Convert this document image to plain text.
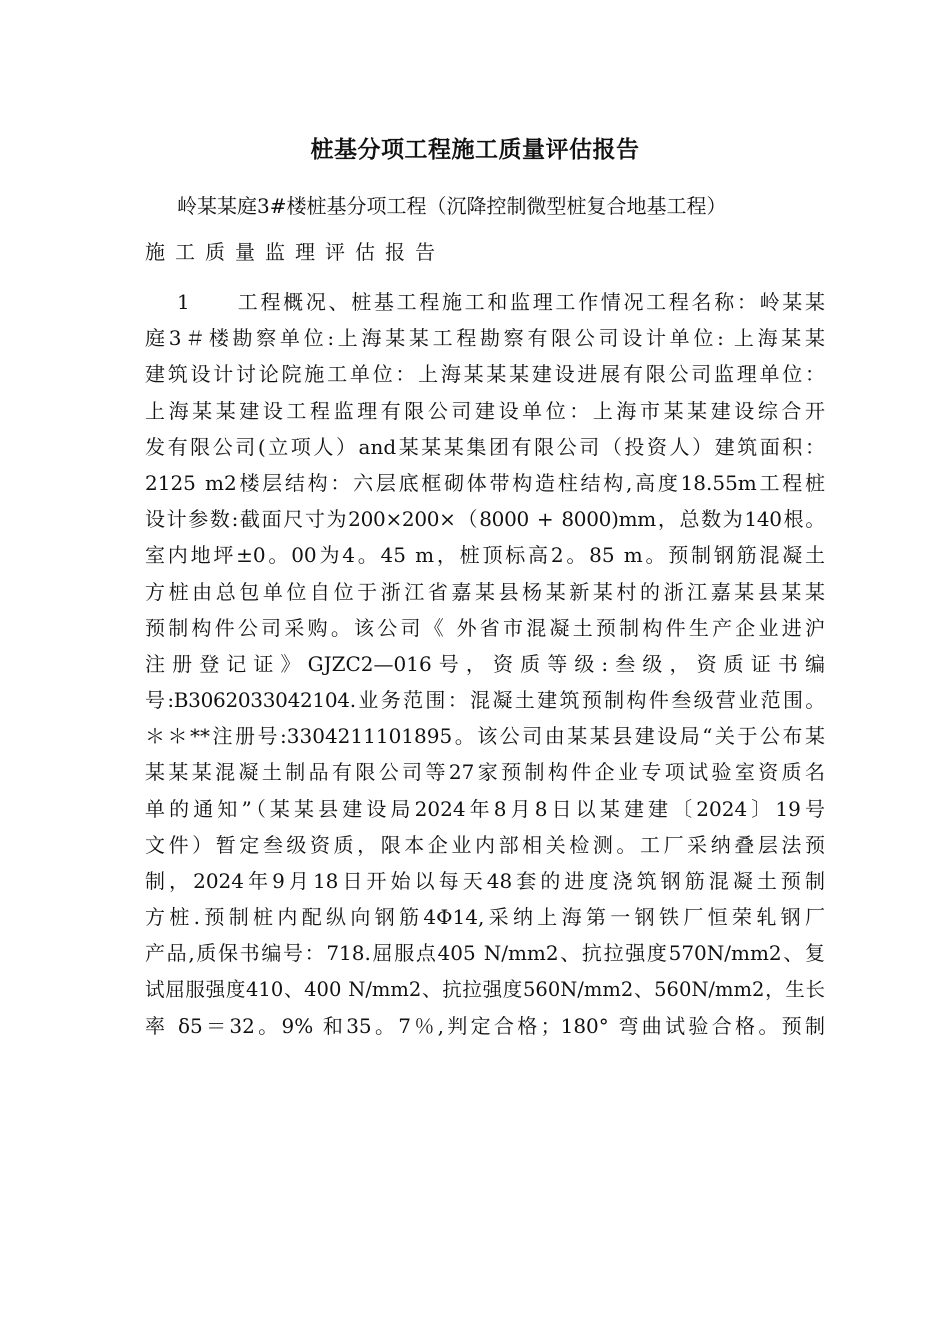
桩基分项工程施工质量评估报告
岭某某庭3#楼桩基分项工程（沉降控制微型桩复合地基工程）
施工质量监理评估报告
1　　工程概况、桩基工程施工和监理工作情况工程名称：岭某某
庭3＃楼勘察单位:上海某某工程勘察有限公司设计单位: 上海某某
建筑设计讨论院施工单位：上海某某某建设进展有限公司监理单位：
上海某某建设工程监理有限公司建设单位：上海市某某建设综合开
发有限公司(立项人）and某某某集团有限公司（投资人）建筑面积：
2125 m2楼层结构：六层底框砌体带构造柱结构,高度18.55m工程桩
设计参数:截面尺寸为200×200×（8000 + 8000)mm，总数为140根。
室内地坪±0。00为4。45 m，桩顶标高2。85 m。预制钢筋混凝土
方桩由总包单位自位于浙江省嘉某县杨某新某村的浙江嘉某县某某
预制构件公司采购。该公司《 外省市混凝土预制构件生产企业进沪
注册登记证》GJZC2—016号，资质等级:叁级，资质证书编
号:B3062033042104.业务范围：混凝土建筑预制构件叁级营业范围。
＊＊**注册号:3304211101895。该公司由某某县建设局“关于公布某
某某某混凝土制品有限公司等27家预制构件企业专项试验室资质名
单的通知”（某某县建设局2024年8月8日以某建建〔2024〕19号
文件）暂定叁级资质，限本企业内部相关检测。工厂采纳叠层法预
制，2024年9月18日开始以每天48套的进度浇筑钢筋混凝土预制
方桩.预制桩内配纵向钢筋4Φ14,采纳上海第一钢铁厂恒荣轧钢厂
产品,质保书编号：718.屈服点405 N/mm2、抗拉强度570N/mm2、复
试屈服强度410、400 N/mm2、抗拉强度560N/mm2、560N/mm2，生长
率 δ5＝32。9% 和35。7％,判定合格；180° 弯曲试验合格。预制
